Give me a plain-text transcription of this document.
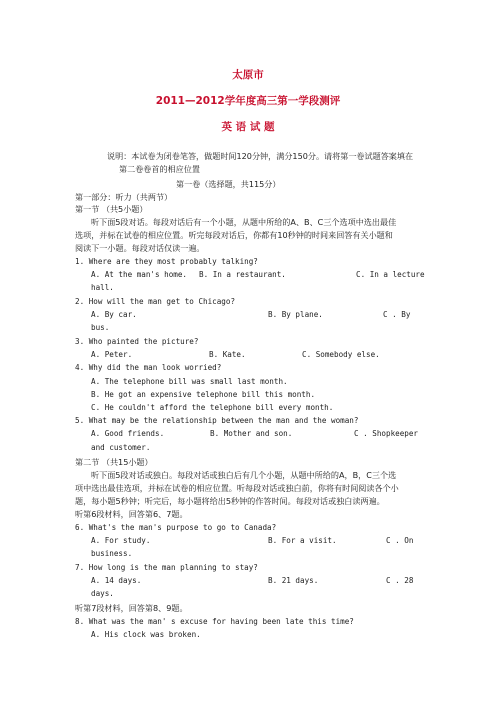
太原市
2011—2012学年度高三第一学段测评
英 语 试 题
说明：本试卷为闭卷笔答，做题时间120分钟，满分150分。请将第一卷试题答案填在
第二卷卷首的相应位置
第一卷（选择题，共115分）
第一部分：听力（共两节）
第一节 （共5小题）
听下面5段对话。每段对话后有一个小题，从题中所给的A、B、C三个选项中选出最佳
选项，并标在试卷的相应位置。听完每段对话后，你都有10秒钟的时间来回答有关小题和
阅读下一小题。每段对话仅读一遍。
1. Where are they most probably talking?
A. At the man's home. B. In a restaurant.	C. In a lecture
hall.
2. How will the man get to Chicago?
A. By car.	B. By plane.	C . By
bus.
3. Who painted the picture?
A. Peter.	B. Kate.	C. Somebody else.
4. Why did the man look worried?
A. The telephone bill was small last month.
B. He got an expensive telephone bill this month.
C. He couldn't afford the telephone bill every month.
5. What may be the relationship between the man and the woman?
A. Good friends.	B. Mother and son.	C . Shopkeeper
and customer.
第二节 （共15小题）
听下面5段对话或独白。每段对话或独白后有几个小题，从题中所给的A，B，C三个选
项中选出最佳选项，并标在试卷的相应位置。听每段对话或独白前，你将有时间阅读各个小
题，每小题5秒钟；听完后，每小题将给出5秒钟的作答时间。每段对话或独白读两遍。
听第6段材料，回答第6、7题。
6. What's the man's purpose to go to Canada?
A. For study.	B. For a visit.	C . On
business.
7. How long is the man planning to stay?
A. 14 days.	B. 21 days.	C . 28
days.
听第7段材料，回答第8、9题。
8. What was the man' s excuse for having been late this time?
A. His clock was broken.
